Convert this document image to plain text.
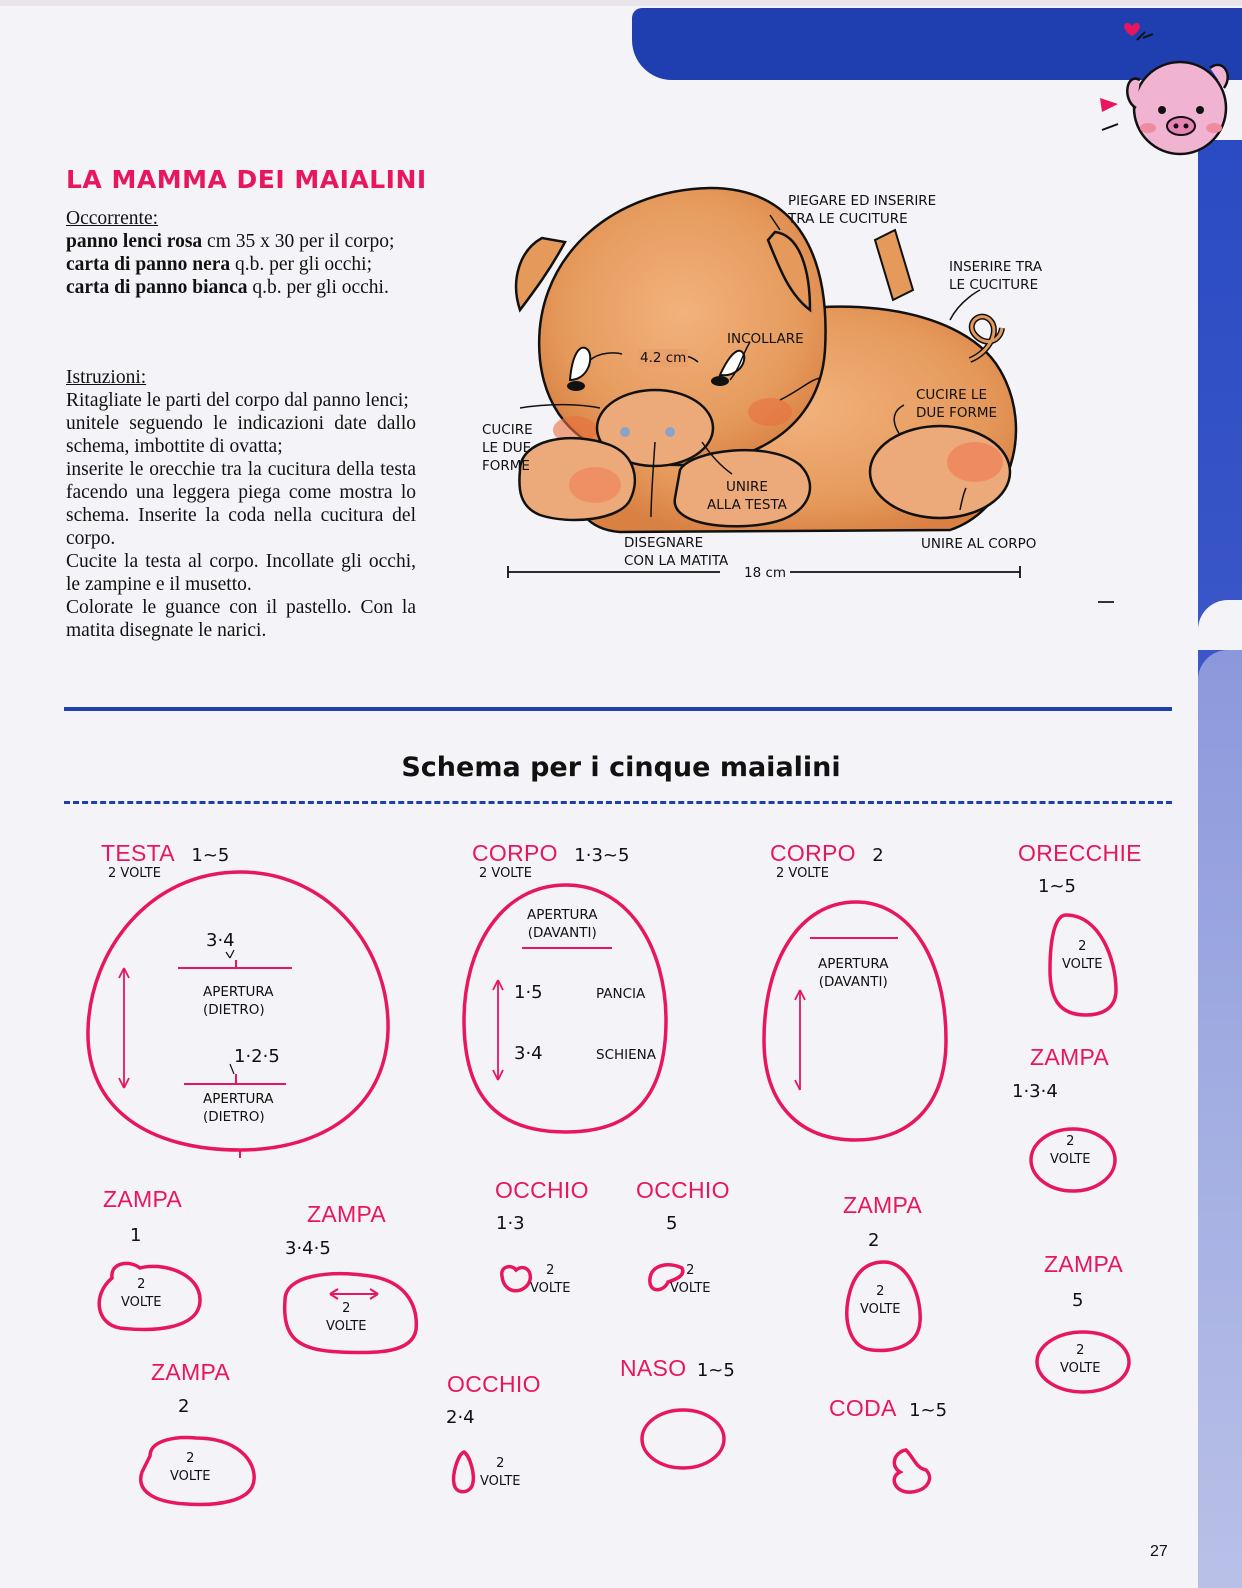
LA MAMMA DEI MAIALINI
Occorrente:
panno lenci rosa cm 35 x 30 per il corpo;
carta di panno nera q.b. per gli occhi;
carta di panno bianca q.b. per gli occhi.
Istruzioni:
Ritagliate le parti del corpo dal panno lenci;
unitele seguendo le indicazioni date dallo schema, imbottite di ovatta;
inserite le orecchie tra la cucitura della testa facendo una leggera piega come mostra lo schema. Inserite la coda nella cucitura del corpo.
Cucite la testa al corpo. Incollate gli occhi, le zampine e il musetto.
Colorate le guance con il pastello. Con la matita disegnate le narici.
PIEGARE ED INSERIRE
TRA LE CUCITURE
INSERIRE TRA
LE CUCITURE
4.2 cm
INCOLLARE
CUCIRE LE
DUE FORME
CUCIRE
LE DUE
FORME
UNIRE
ALLA TESTA
DISEGNARE
CON LA MATITA
UNIRE AL CORPO
18 cm
Schema per i cinque maialini
TESTA 1~5
2 VOLTE
3·4
APERTURA
(DIETRO)
1·2·5
APERTURA
(DIETRO)
CORPO 1·3~5
2 VOLTE
APERTURA
(DAVANTI)
1·5	PANCIA
3·4	SCHIENA
CORPO 2
2 VOLTE
APERTURA
(DAVANTI)
ORECCHIE
1~5
2
VOLTE
ZAMPA
1·3·4
2
VOLTE
ZAMPA
1
2
VOLTE
ZAMPA
3·4·5
2
VOLTE
OCCHIO
1·3
2
VOLTE
OCCHIO
5
2
VOLTE
ZAMPA
2
2
VOLTE
ZAMPA
5
2
VOLTE
ZAMPA
2
2
VOLTE
OCCHIO
2·4
2
VOLTE
NASO 1~5
CODA 1~5
27
